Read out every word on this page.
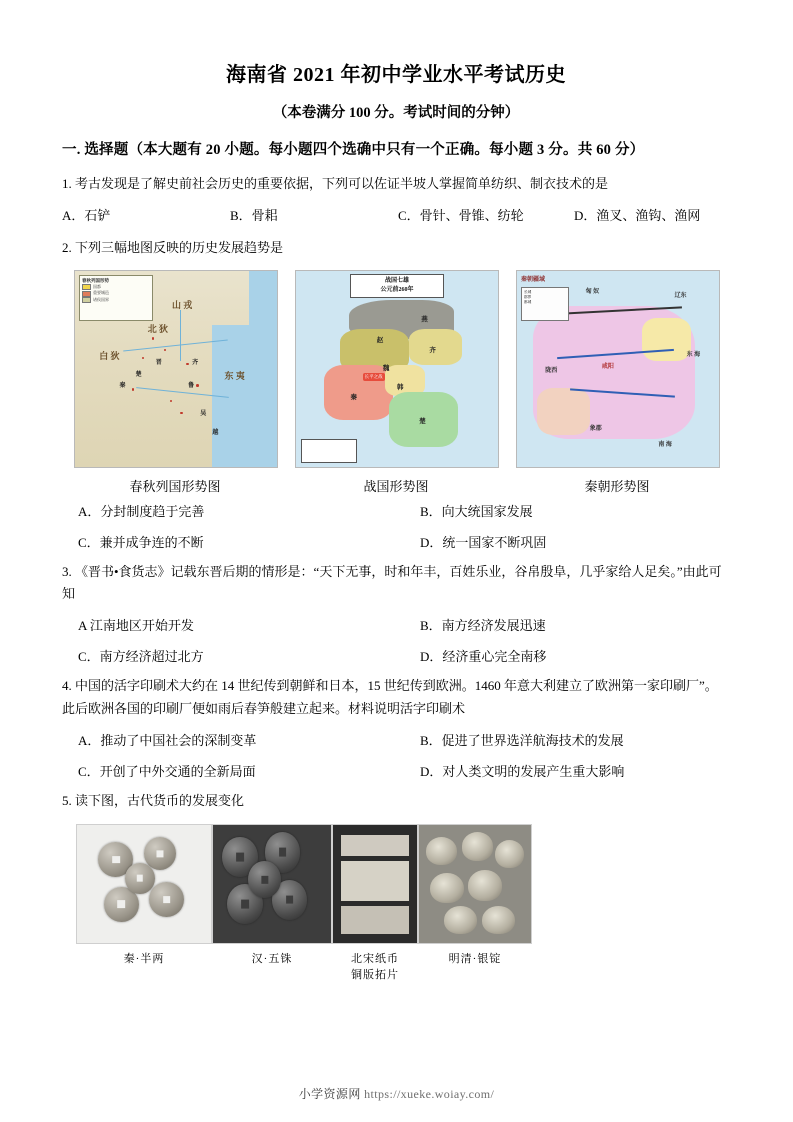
海南省 2021 年初中学业水平考试历史
（本卷满分 100 分。考试时间的分钟）
一. 选择题（本大题有 20 小题。每小题四个选确中只有一个正确。每小题 3 分。共 60 分）
1. 考古发现是了解史前社会历史的重要依据，下列可以佐证半坡人掌握简单纺织、制衣技术的是
A．石铲	B．骨耜	C．骨针、骨锥、纺轮	D．渔叉、渔钩、渔网
2. 下列三幅地图反映的历史发展趋势是
春秋列国形势
国都
重要城邑
诸侯国界
山 戎
北 狄
白 狄
东 夷
楚
秦
晋	齐
鲁
吴
越
春秋列国形势图
战国七雄
公元前260年
燕
赵
齐
魏
韩
秦
楚
长平之战
战国形势图
秦朝疆域
匈 奴
辽东
东 海
南 海
咸阳
陇西
象郡
长城
郡界
都城
秦朝形势图
A．分封制度趋于完善	B．向大统国家发展
C．兼并成争连的不断	D．统一国家不断巩固
3. 《晋书•食货志》记载东晋后期的情形是：“天下无事，时和年丰，百姓乐业，谷帛殷阜，几乎家给人足矣。”由此可知
A 江南地区开始开发	B．南方经济发展迅速
C．南方经济超过北方	D．经济重心完全南移
4. 中国的活字印刷术大约在 14 世纪传到朝鲜和日本，15 世纪传到欧洲。1460 年意大利建立了欧洲第一家印刷厂”。此后欧洲各国的印刷厂便如雨后春笋般建立起来。材料说明活字印刷术
A．推动了中国社会的深制变革	B．促进了世界选洋航海技术的发展
C．开创了中外交通的全新局面	D．对人类文明的发展产生重大影响
5. 读下图，古代货币的发展变化
秦·半两	汉·五铢	北宋纸币
铜版拓片
明清·银锭
小学资源网 https://xueke.woiay.com/
